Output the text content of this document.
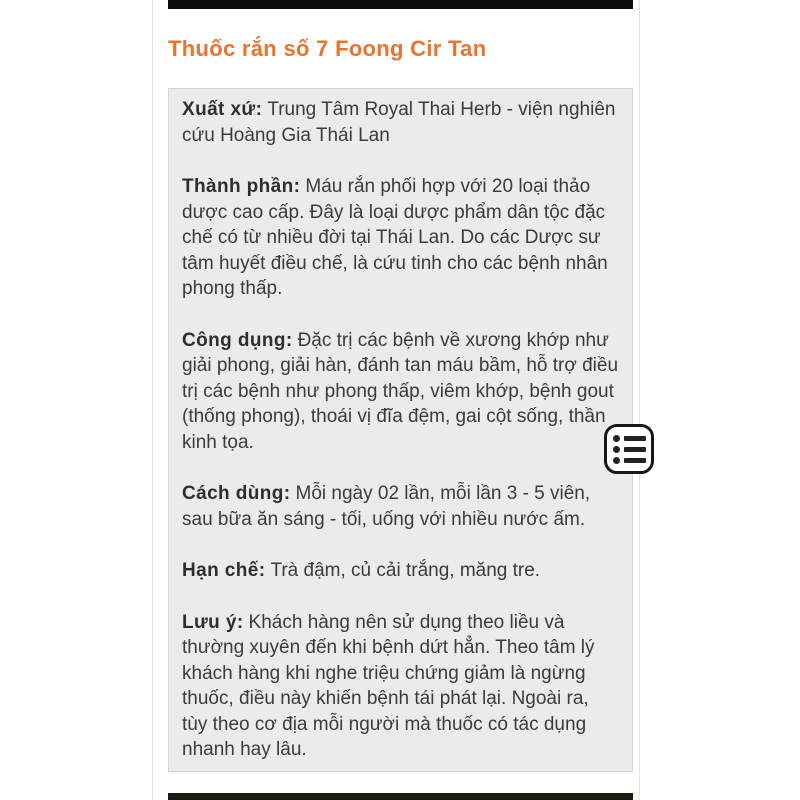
Thuốc rắn số 7 Foong Cir Tan

Xuất xứ: Trung Tâm Royal Thai Herb - viện nghiên cứu Hoàng Gia Thái Lan

Thành phần: Máu rắn phối hợp với 20 loại thảo dược cao cấp. Đây là loại dược phẩm dân tộc đặc chế có từ nhiều đời tại Thái Lan. Do các Dược sư tâm huyết điều chế, là cứu tinh cho các bệnh nhân phong thấp.

Công dụng: Đặc trị các bệnh về xương khớp như giải phong, giải hàn, đánh tan máu bầm, hỗ trợ điều trị các bệnh như phong thấp, viêm khớp, bệnh gout (thống phong), thoái vị đĩa đệm, gai cột sống, thần kinh tọa.

Cách dùng: Mỗi ngày 02 lần, mỗi lần 3 - 5 viên, sau bữa ăn sáng - tối, uống với nhiều nước ấm.

Hạn chế: Trà đậm, củ cải trắng, măng tre.

Lưu ý: Khách hàng nên sử dụng theo liều và thường xuyên đến khi bệnh dứt hẳn. Theo tâm lý khách hàng khi nghe triệu chứng giảm là ngừng thuốc, điều này khiến bệnh tái phát lại. Ngoài ra, tùy theo cơ địa mỗi người mà thuốc có tác dụng nhanh hay lâu.
